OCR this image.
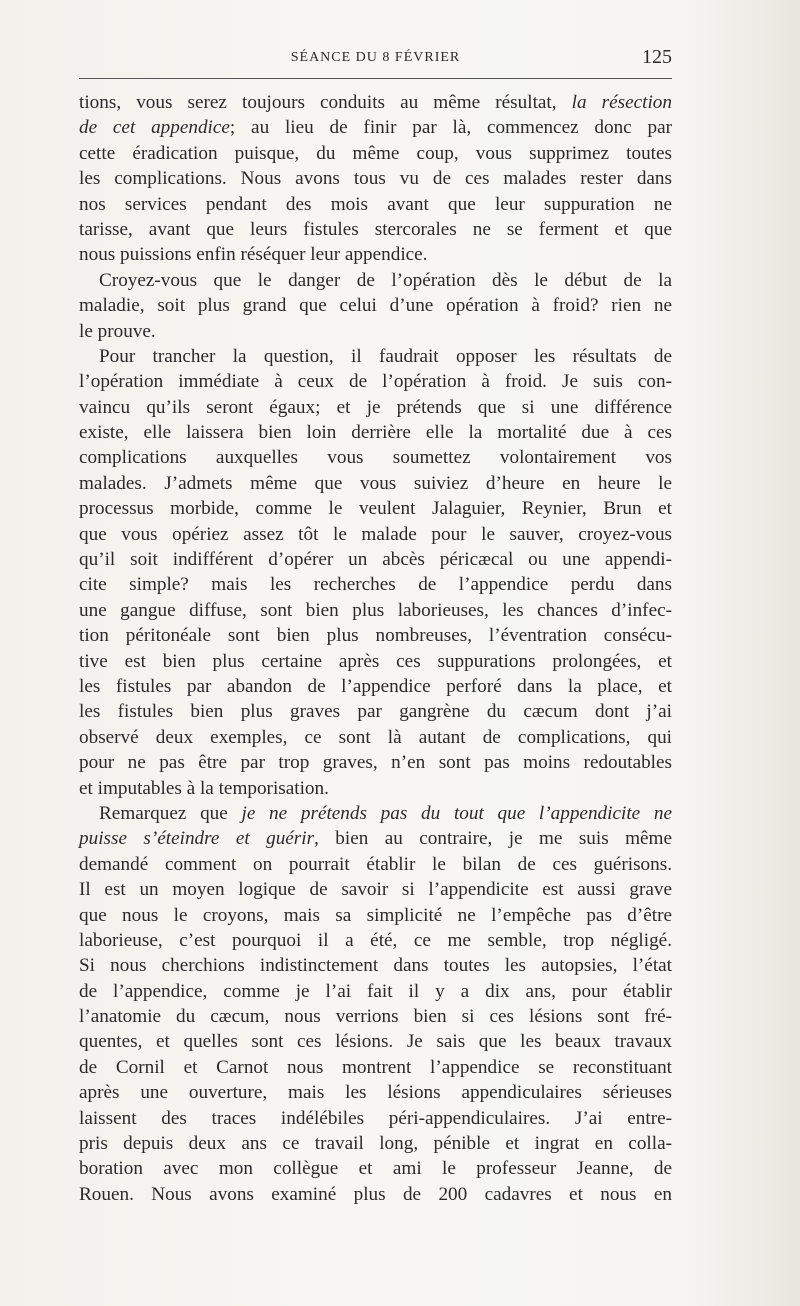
SÉANCE DU 8 FÉVRIER	125
tions, vous serez toujours conduits au même résultat, la résection
de cet appendice; au lieu de finir par là, commencez donc par
cette éradication puisque, du même coup, vous supprimez toutes
les complications. Nous avons tous vu de ces malades rester dans
nos services pendant des mois avant que leur suppuration ne
tarisse, avant que leurs fistules stercorales ne se ferment et que
nous puissions enfin réséquer leur appendice.
Croyez-vous que le danger de l’opération dès le début de la
maladie, soit plus grand que celui d’une opération à froid? rien ne
le prouve.
Pour trancher la question, il faudrait opposer les résultats de
l’opération immédiate à ceux de l’opération à froid. Je suis con-
vaincu qu’ils seront égaux; et je prétends que si une différence
existe, elle laissera bien loin derrière elle la mortalité due à ces
complications auxquelles vous soumettez volontairement vos
malades. J’admets même que vous suiviez d’heure en heure le
processus morbide, comme le veulent Jalaguier, Reynier, Brun et
que vous opériez assez tôt le malade pour le sauver, croyez-vous
qu’il soit indifférent d’opérer un abcès péricæcal ou une appendi-
cite simple? mais les recherches de l’appendice perdu dans
une gangue diffuse, sont bien plus laborieuses, les chances d’infec-
tion péritonéale sont bien plus nombreuses, l’éventration consécu-
tive est bien plus certaine après ces suppurations prolongées, et
les fistules par abandon de l’appendice perforé dans la place, et
les fistules bien plus graves par gangrène du cæcum dont j’ai
observé deux exemples, ce sont là autant de complications, qui
pour ne pas être par trop graves, n’en sont pas moins redoutables
et imputables à la temporisation.
Remarquez que je ne prétends pas du tout que l’appendicite ne
puisse s’éteindre et guérir, bien au contraire, je me suis même
demandé comment on pourrait établir le bilan de ces guérisons.
Il est un moyen logique de savoir si l’appendicite est aussi grave
que nous le croyons, mais sa simplicité ne l’empêche pas d’être
laborieuse, c’est pourquoi il a été, ce me semble, trop négligé.
Si nous cherchions indistinctement dans toutes les autopsies, l’état
de l’appendice, comme je l’ai fait il y a dix ans, pour établir
l’anatomie du cæcum, nous verrions bien si ces lésions sont fré-
quentes, et quelles sont ces lésions. Je sais que les beaux travaux
de Cornil et Carnot nous montrent l’appendice se reconstituant
après une ouverture, mais les lésions appendiculaires sérieuses
laissent des traces indélébiles péri-appendiculaires. J’ai entre-
pris depuis deux ans ce travail long, pénible et ingrat en colla-
boration avec mon collègue et ami le professeur Jeanne, de
Rouen. Nous avons examiné plus de 200 cadavres et nous en
